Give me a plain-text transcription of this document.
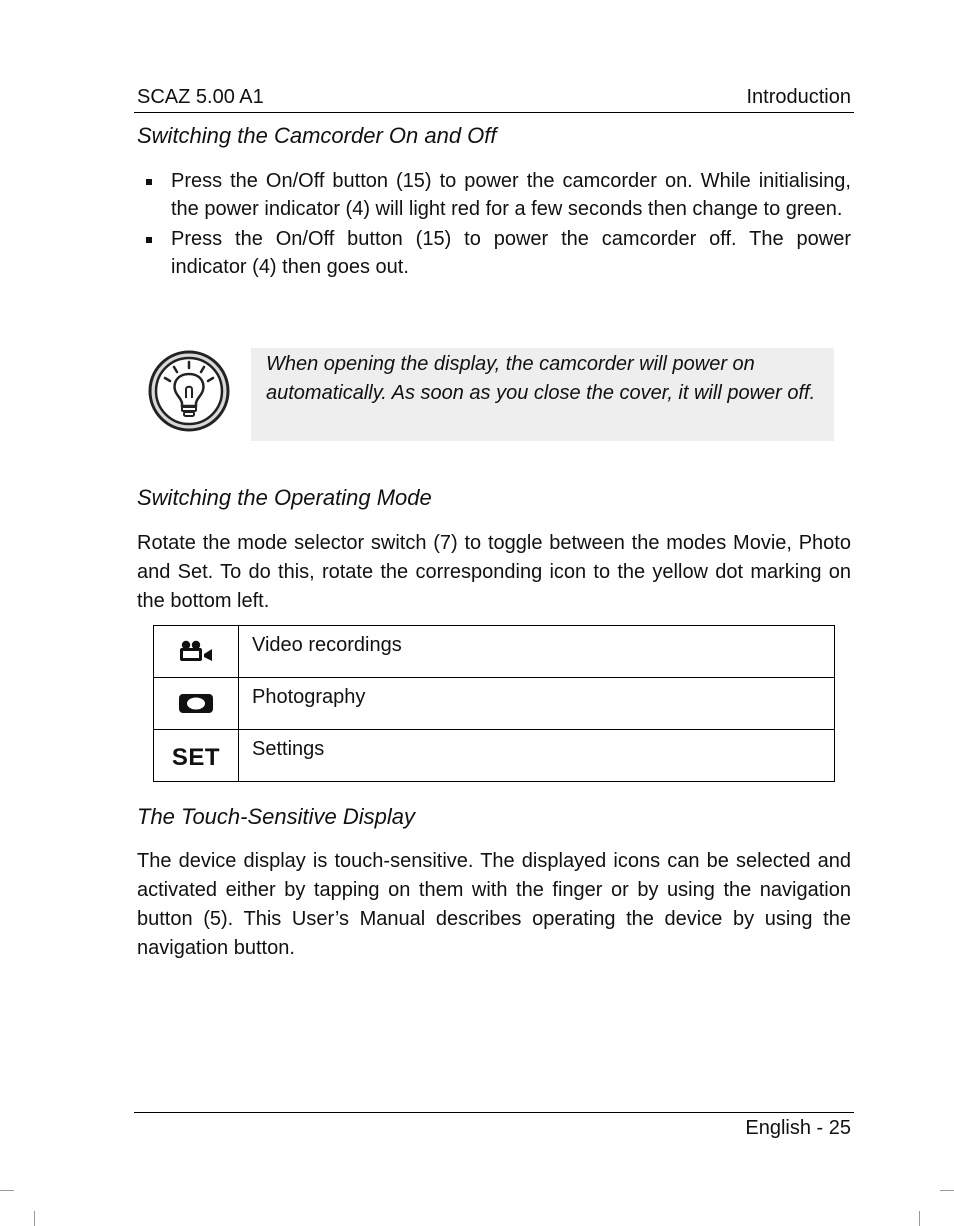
SCAZ 5.00 A1	Introduction
Switching the Camcorder On and Off
Press the On/Off button (15) to power the camcorder on. While initialising, the power indicator (4) will light red for a few seconds then change to green.
Press the On/Off button (15) to power the camcorder off. The power indicator (4) then goes out.
When opening the display, the camcorder will power on automatically. As soon as you close the cover, it will power off.
Switching the Operating Mode
Rotate the mode selector switch (7) to toggle between the modes Movie, Photo and Set. To do this, rotate the corresponding icon to the yellow dot marking on the bottom left.
	Video recordings
	Photography
SET	Settings
The Touch-Sensitive Display
The device display is touch-sensitive. The displayed icons can be selected and activated either by tapping on them with the finger or by using the navigation button (5). This User’s Manual describes operating the device by using the navigation button.
English - 25
